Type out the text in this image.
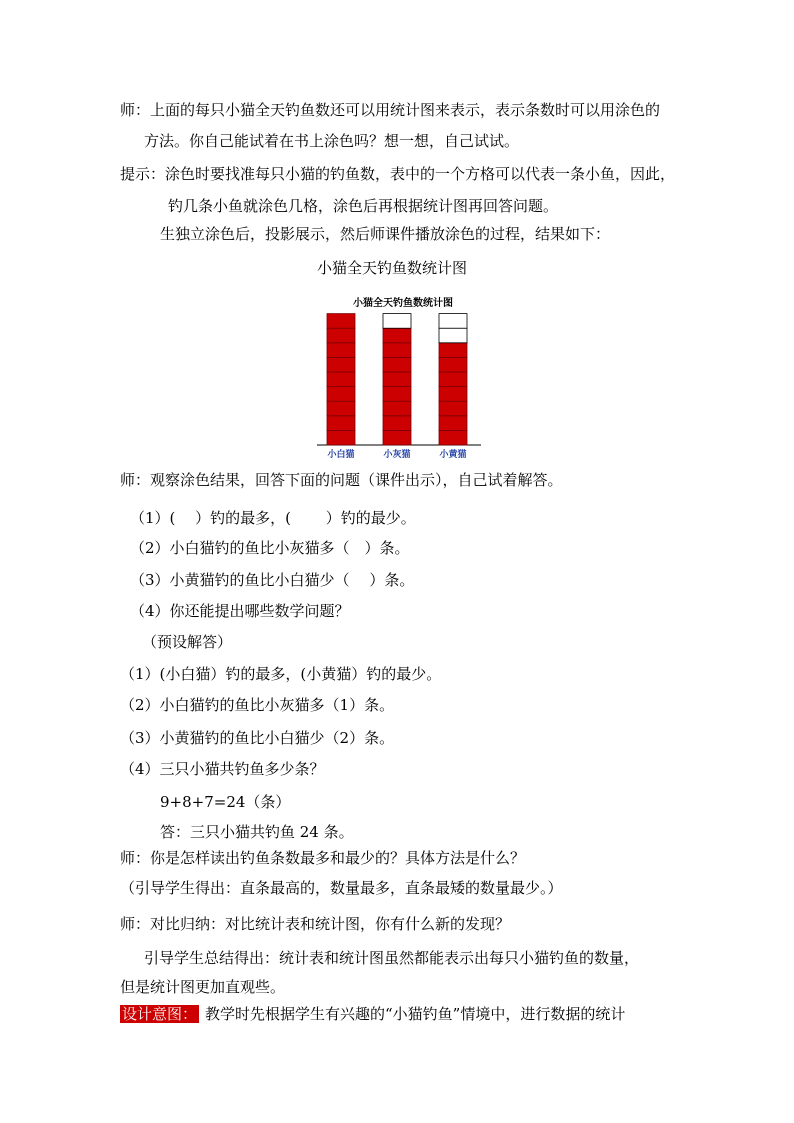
师：上面的每只小猫全天钓鱼数还可以用统计图来表示，表示条数时可以用涂色的
方法。你自己能试着在书上涂色吗？想一想，自己试试。
提示：涂色时要找准每只小猫的钓鱼数，表中的一个方格可以代表一条小鱼，因此，
钓几条小鱼就涂色几格，涂色后再根据统计图再回答问题。
生独立涂色后，投影展示，然后师课件播放涂色的过程，结果如下：
小猫全天钓鱼数统计图
小猫全天钓鱼数统计图
小白猫	小灰猫	小黄猫
师：观察涂色结果，回答下面的问题（课件出示），自己试着解答。
（1）(　 ）钓的最多，(　　 ）钓的最少。
（2）小白猫钓的鱼比小灰猫多（　）条。
（3）小黄猫钓的鱼比小白猫少（　 ）条。
（4）你还能提出哪些数学问题？
（预设解答）
（1）(小白猫）钓的最多，(小黄猫）钓的最少。
（2）小白猫钓的鱼比小灰猫多（1）条。
（3）小黄猫钓的鱼比小白猫少（2）条。
（4）三只小猫共钓鱼多少条？
9+8+7=24（条）
答：三只小猫共钓鱼 24 条。
师：你是怎样读出钓鱼条数最多和最少的？具体方法是什么？
（引导学生得出：直条最高的，数量最多，直条最矮的数量最少。）
师：对比归纳：对比统计表和统计图，你有什么新的发现？
引导学生总结得出：统计表和统计图虽然都能表示出每只小猫钓鱼的数量，
但是统计图更加直观些。
设计意图： 教学时先根据学生有兴趣的“小猫钓鱼”情境中，进行数据的统计
